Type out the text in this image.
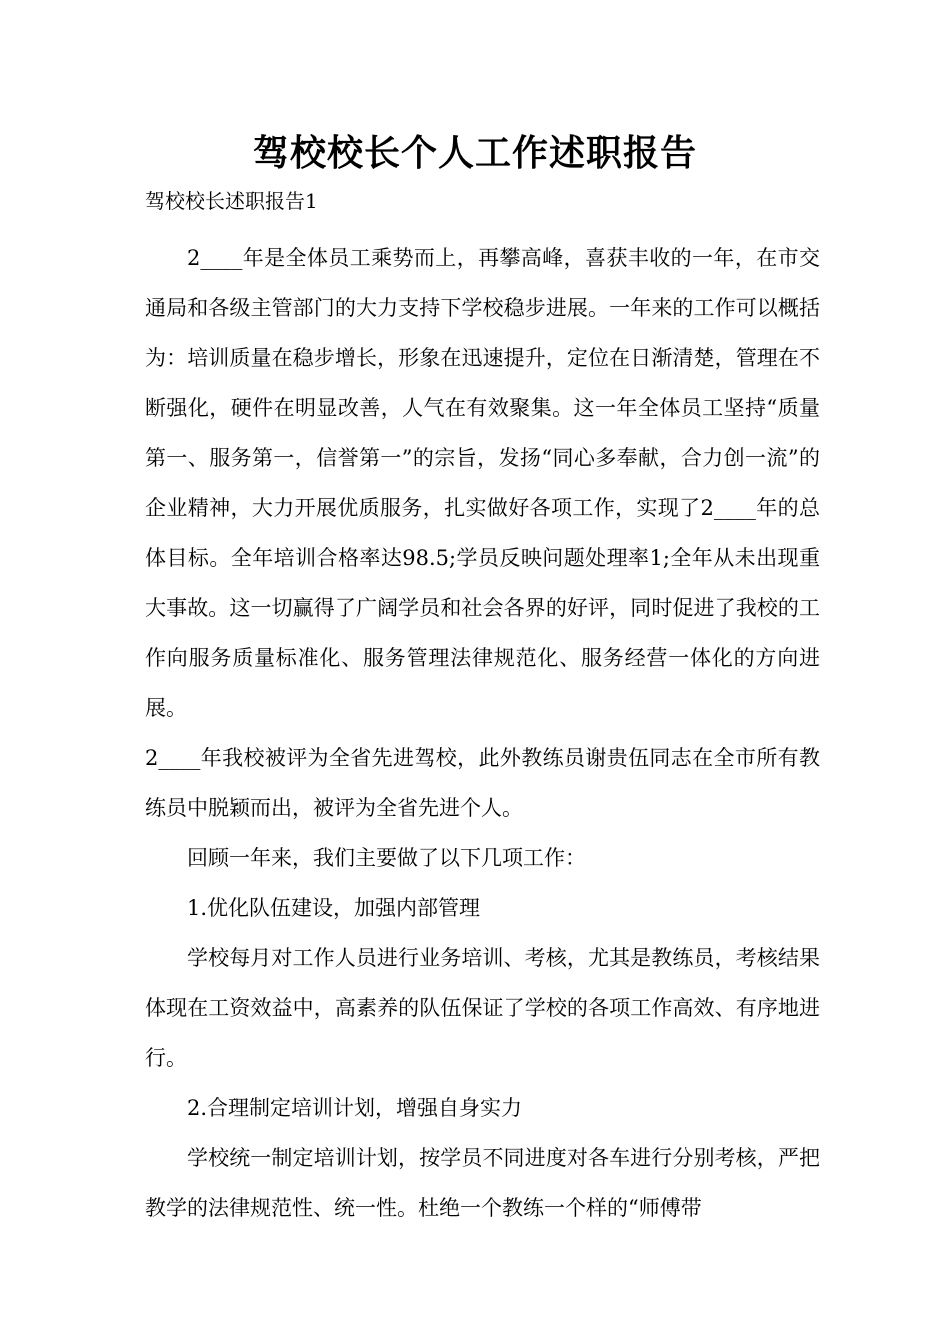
驾校校长个人工作述职报告
驾校校长述职报告1

2____年是全体员工乘势而上，再攀高峰，喜获丰收的一年，在市交通局和各级主管部门的大力支持下学校稳步进展。一年来的工作可以概括为：培训质量在稳步增长，形象在迅速提升，定位在日渐清楚，管理在不断强化，硬件在明显改善，人气在有效聚集。这一年全体员工坚持“质量第一、服务第一，信誉第一”的宗旨，发扬“同心多奉献，合力创一流”的企业精神，大力开展优质服务，扎实做好各项工作，实现了2____年的总体目标。全年培训合格率达98.5;学员反映问题处理率1;全年从未出现重大事故。这一切赢得了广阔学员和社会各界的好评，同时促进了我校的工作向服务质量标准化、服务管理法律规范化、服务经营一体化的方向进展。

2____年我校被评为全省先进驾校，此外教练员谢贵伍同志在全市所有教练员中脱颖而出，被评为全省先进个人。

回顾一年来，我们主要做了以下几项工作：

1.优化队伍建设，加强内部管理

学校每月对工作人员进行业务培训、考核，尤其是教练员，考核结果体现在工资效益中，高素养的队伍保证了学校的各项工作高效、有序地进行。

2.合理制定培训计划，增强自身实力

学校统一制定培训计划，按学员不同进度对各车进行分别考核，严把教学的法律规范性、统一性。杜绝一个教练一个样的“师傅带
